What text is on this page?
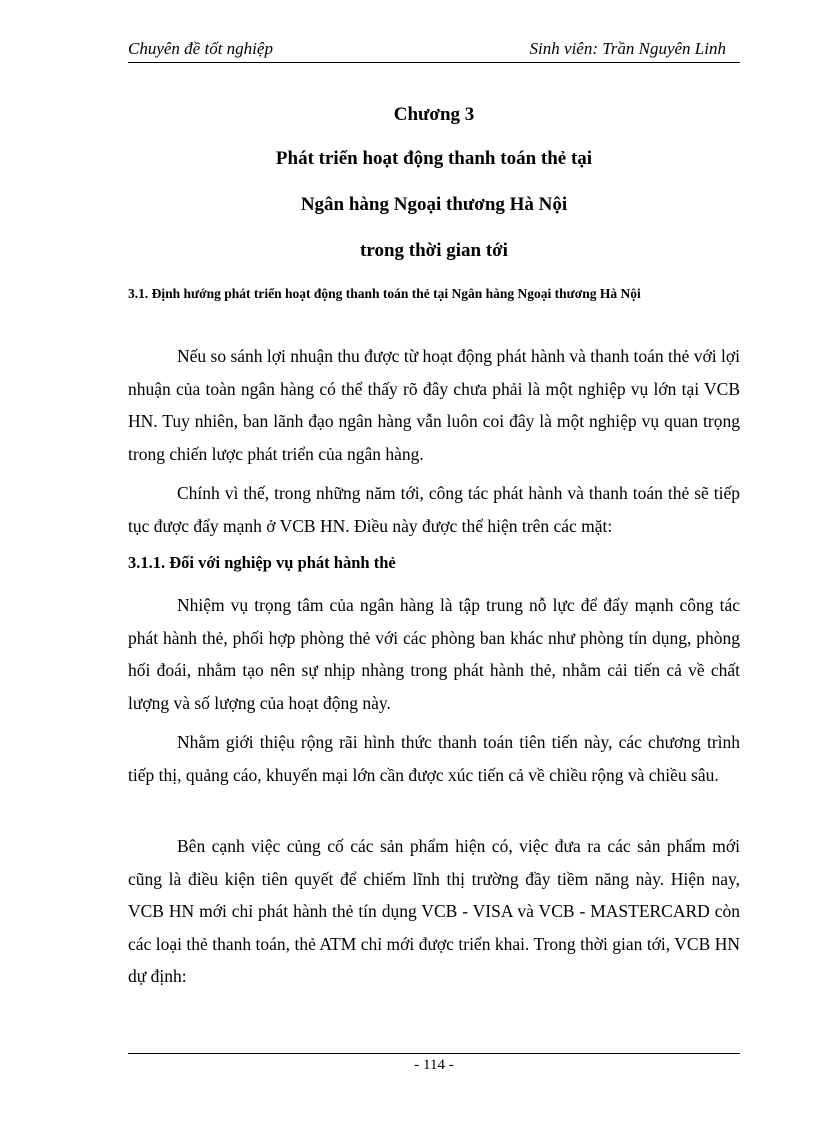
Chuyên đề tốt nghiệp	Sinh viên: Trần Nguyên Linh
Chương 3
Phát triển hoạt động thanh toán thẻ tại
Ngân hàng Ngoại thương Hà Nội
trong thời gian tới
3.1. Định hướng phát triển hoạt động thanh toán thẻ tại Ngân hàng Ngoại thương Hà Nội
Nếu so sánh lợi nhuận thu được từ hoạt động phát hành và thanh toán thẻ với lợi nhuận của toàn ngân hàng có thể thấy rõ đây chưa phải là một nghiệp vụ lớn tại VCB HN. Tuy nhiên, ban lãnh đạo ngân hàng vẫn luôn coi đây là một nghiệp vụ quan trọng trong chiến lược phát triển của ngân hàng.
Chính vì thế, trong những năm tới, công tác phát hành và thanh toán thẻ sẽ tiếp tục được đẩy mạnh ở VCB HN. Điều này được thể hiện trên các mặt:
3.1.1. Đối với nghiệp vụ phát hành thẻ
Nhiệm vụ trọng tâm của ngân hàng là tập trung nỗ lực để đẩy mạnh công tác phát hành thẻ, phối hợp phòng thẻ với các phòng ban khác như phòng tín dụng, phòng hối đoái, nhằm tạo nên sự nhịp nhàng trong phát hành thẻ, nhằm cải tiến cả về chất lượng và số lượng của hoạt động này.
Nhằm giới thiệu rộng rãi hình thức thanh toán tiên tiến này, các chương trình tiếp thị, quảng cáo, khuyến mại lớn cần được xúc tiến cả về chiều rộng và chiều sâu.
Bên cạnh việc củng cố các sản phẩm hiện có, việc đưa ra các sản phẩm mới cũng là điều kiện tiên quyết để chiếm lĩnh thị trường đầy tiềm năng này. Hiện nay, VCB HN mới chỉ phát hành thẻ tín dụng VCB - VISA và VCB - MASTERCARD còn các loại thẻ thanh toán, thẻ ATM chỉ mới được triển khai. Trong thời gian tới, VCB HN dự định:
- 114 -
